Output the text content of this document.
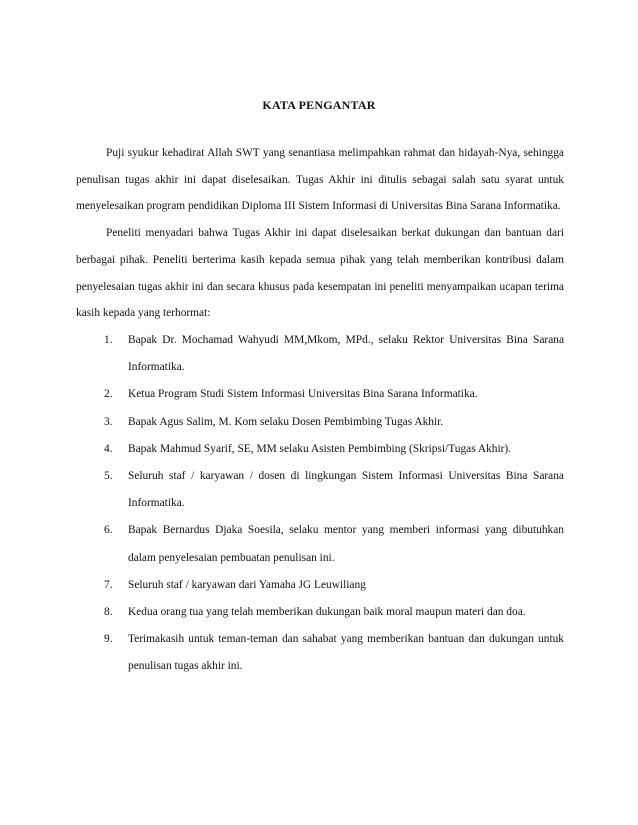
KATA PENGANTAR

Puji syukur kehadirat Allah SWT yang senantiasa melimpahkan rahmat dan hidayah-Nya, sehingga penulisan tugas akhir ini dapat diselesaikan. Tugas Akhir ini ditulis sebagai salah satu syarat untuk menyelesaikan program pendidikan Diploma III Sistem Informasi di Universitas Bina Sarana Informatika.

Peneliti menyadari bahwa Tugas Akhir ini dapat diselesaikan berkat dukungan dan bantuan dari berbagai pihak. Peneliti berterima kasih kepada semua pihak yang telah memberikan kontribusi dalam penyelesaian tugas akhir ini dan secara khusus pada kesempatan ini peneliti menyampaikan ucapan terima kasih kepada yang terhormat:

1. Bapak Dr. Mochamad Wahyudi MM,Mkom, MPd., selaku Rektor Universitas Bina Sarana Informatika.
2. Ketua Program Studi Sistem Informasi Universitas Bina Sarana Informatika.
3. Bapak Agus Salim, M. Kom selaku Dosen Pembimbing Tugas Akhir.
4. Bapak Mahmud Syarif, SE, MM selaku Asisten Pembimbing (Skripsi/Tugas Akhir).
5. Seluruh staf / karyawan / dosen di lingkungan Sistem Informasi Universitas Bina Sarana Informatika.
6. Bapak Bernardus Djaka Soesila, selaku mentor yang memberi informasi yang dibutuhkan dalam penyelesaian pembuatan penulisan ini.
7. Seluruh staf / karyawan dari Yamaha JG Leuwiliang
8. Kedua orang tua yang telah memberikan dukungan baik moral maupun materi dan doa.
9. Terimakasih untuk teman-teman dan sahabat yang memberikan bantuan dan dukungan untuk penulisan tugas akhir ini.
